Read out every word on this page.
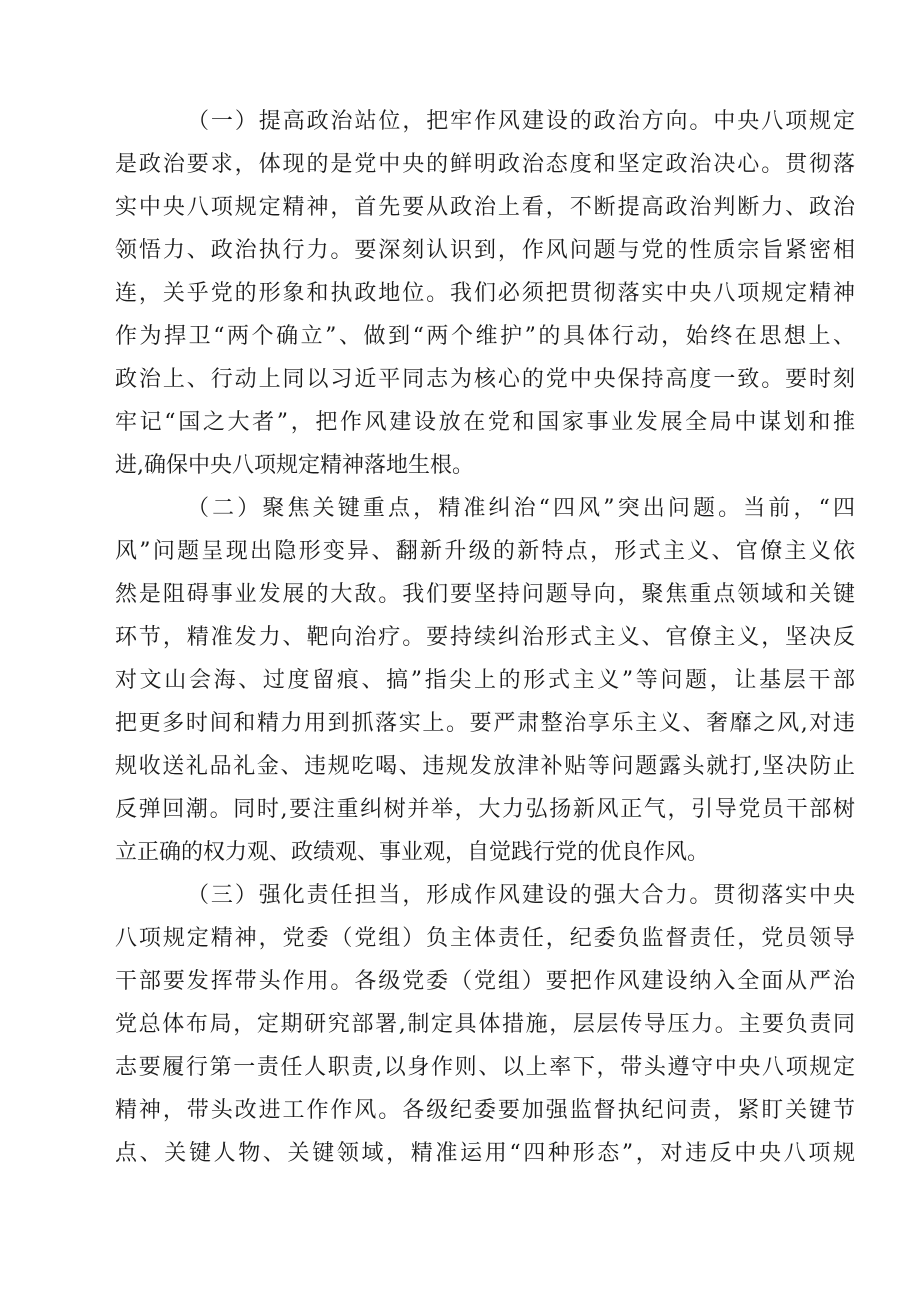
（一）提高政治站位，把牢作风建设的政治方向。中央八项规定
是政治要求，体现的是党中央的鲜明政治态度和坚定政治决心。贯彻落
实中央八项规定精神，首先要从政治上看，不断提高政治判断力、政治
领悟力、政治执行力。要深刻认识到，作风问题与党的性质宗旨紧密相
连，关乎党的形象和执政地位。我们必须把贯彻落实中央八项规定精神
作为捍卫“两个确立”、做到“两个维护”的具体行动，始终在思想上、
政治上、行动上同以习近平同志为核心的党中央保持高度一致。要时刻
牢记“国之大者”，把作风建设放在党和国家事业发展全局中谋划和推
进,确保中央八项规定精神落地生根。
（二）聚焦关键重点，精准纠治“四风”突出问题。当前，“四
风”问题呈现出隐形变异、翻新升级的新特点，形式主义、官僚主义依
然是阻碍事业发展的大敌。我们要坚持问题导向，聚焦重点领域和关键
环节，精准发力、靶向治疗。要持续纠治形式主义、官僚主义，坚决反
对文山会海、过度留痕、搞”指尖上的形式主义”等问题，让基层干部
把更多时间和精力用到抓落实上。要严肃整治享乐主义、奢靡之风,对违
规收送礼品礼金、违规吃喝、违规发放津补贴等问题露头就打,坚决防止
反弹回潮。同时,要注重纠树并举，大力弘扬新风正气，引导党员干部树
立正确的权力观、政绩观、事业观，自觉践行党的优良作风。
（三）强化责任担当，形成作风建设的强大合力。贯彻落实中央
八项规定精神，党委（党组）负主体责任，纪委负监督责任，党员领导
干部要发挥带头作用。各级党委（党组）要把作风建设纳入全面从严治
党总体布局，定期研究部署,制定具体措施，层层传导压力。主要负责同
志要履行第一责任人职责,以身作则、以上率下，带头遵守中央八项规定
精神，带头改进工作作风。各级纪委要加强监督执纪问责，紧盯关键节
点、关键人物、关键领域，精准运用“四种形态”，对违反中央八项规
